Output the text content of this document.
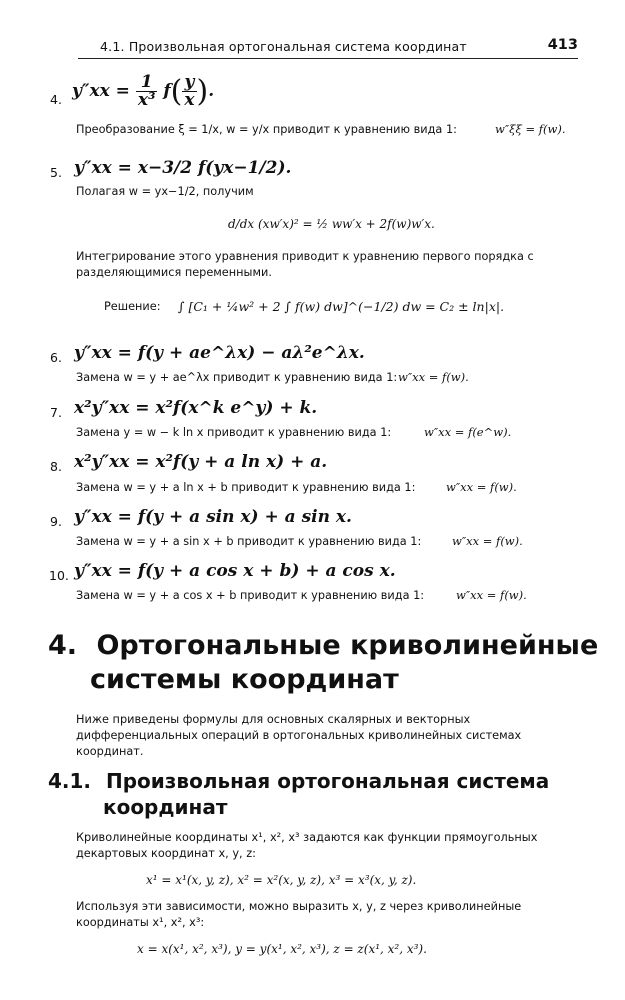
4.1. Произвольная ортогональная система координат	413
4. $y''xx = \frac{1}{\text{x³}} f( \frac{y}{x}$ ).
Преобразование ξ = 1/x, w = y/x приводит к уравнению вида 1:	w″ξξ = f(w).
5. y″xx = x−3/2 f(yx−1/2).
Полагая w = yx−1/2, получим
d/dx (xw′x)² = ½ ww′x + 2f(w)w′x.
Интегрирование этого уравнения приводит к уравнению первого порядка с разделяющимися переменными.
Решение: ∫ [C₁ + ¼w² + 2 ∫ f(w) dw]^(−1/2) dw = C₂ ± ln|x|.
6. y″xx = f(y + ae^λx) − aλ²e^λx.
Замена w = y + ae^λx приводит к уравнению вида 1: w″xx = f(w).
7. x²y″xx = x²f(x^k e^y) + k.
Замена y = w − k ln x приводит к уравнению вида 1:	w″xx = f(e^w).
8. x²y″xx = x²f(y + a ln x) + a.
Замена w = y + a ln x + b приводит к уравнению вида 1:	w″xx = f(w).
9. y″xx = f(y + a sin x) + a sin x.
Замена w = y + a sin x + b приводит к уравнению вида 1:	w″xx = f(w).
10. y″xx = f(y + a cos x + b) + a cos x.
Замена w = y + a cos x + b приводит к уравнению вида 1:	w″xx = f(w).
4. Ортогональные криволинейные
системы координат
Ниже приведены формулы для основных скалярных и векторных дифференциальных операций в ортогональных криволинейных системах координат.
4.1. Произвольная ортогональная система
координат
Криволинейные координаты x¹, x², x³ задаются как функции прямоугольных декартовых координат x, y, z:
x¹ = x¹(x, y, z), x² = x²(x, y, z), x³ = x³(x, y, z).
Используя эти зависимости, можно выразить x, y, z через криволинейные координаты x¹, x², x³:
x = x(x¹, x², x³), y = y(x¹, x², x³), z = z(x¹, x², x³).
